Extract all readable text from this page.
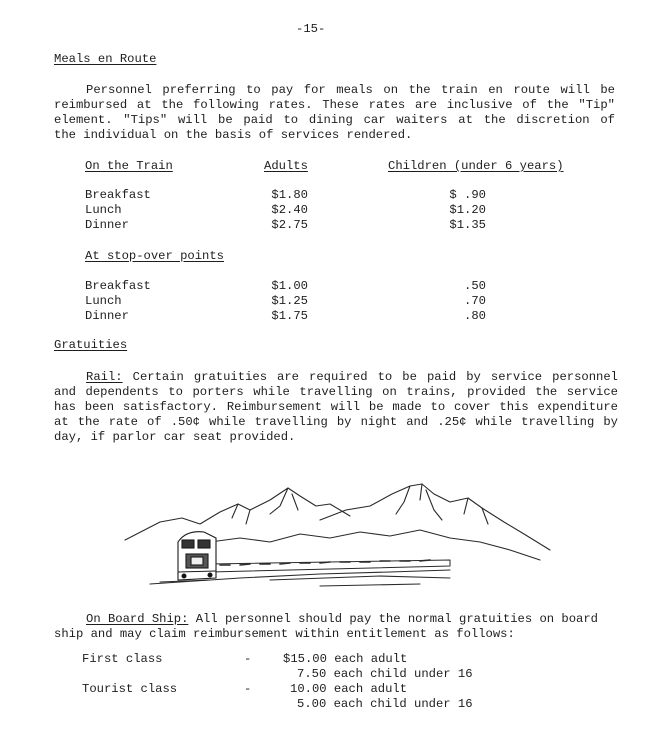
-15-
Meals en Route
Personnel preferring to pay for meals on the train en route will be
reimbursed at the following rates. These rates are inclusive of the "Tip"
element. "Tips" will be paid to dining car waiters at the discretion of
the individual on the basis of services rendered.
On the Train	Adults	Children (under 6 years)
Breakfast	$1.80	$ .90
Lunch	$2.40	$1.20
Dinner	$2.75	$1.35
At stop-over points
Breakfast	$1.00	.50
Lunch	$1.25	.70
Dinner	$1.75	.80
Gratuities
Rail: Certain gratuities are required to be paid by service personnel
and dependents to porters while travelling on trains, provided the service
has been satisfactory. Reimbursement will be made to cover this expenditure
at the rate of .50¢ while travelling by night and .25¢ while travelling by
day, if parlor car seat provided.
On Board Ship: All personnel should pay the normal gratuities on board
ship and may claim reimbursement within entitlement as follows:
First class	-	$15.00 each adult
7.50 each child under 16
Tourist class	-	10.00 each adult
5.00 each child under 16
